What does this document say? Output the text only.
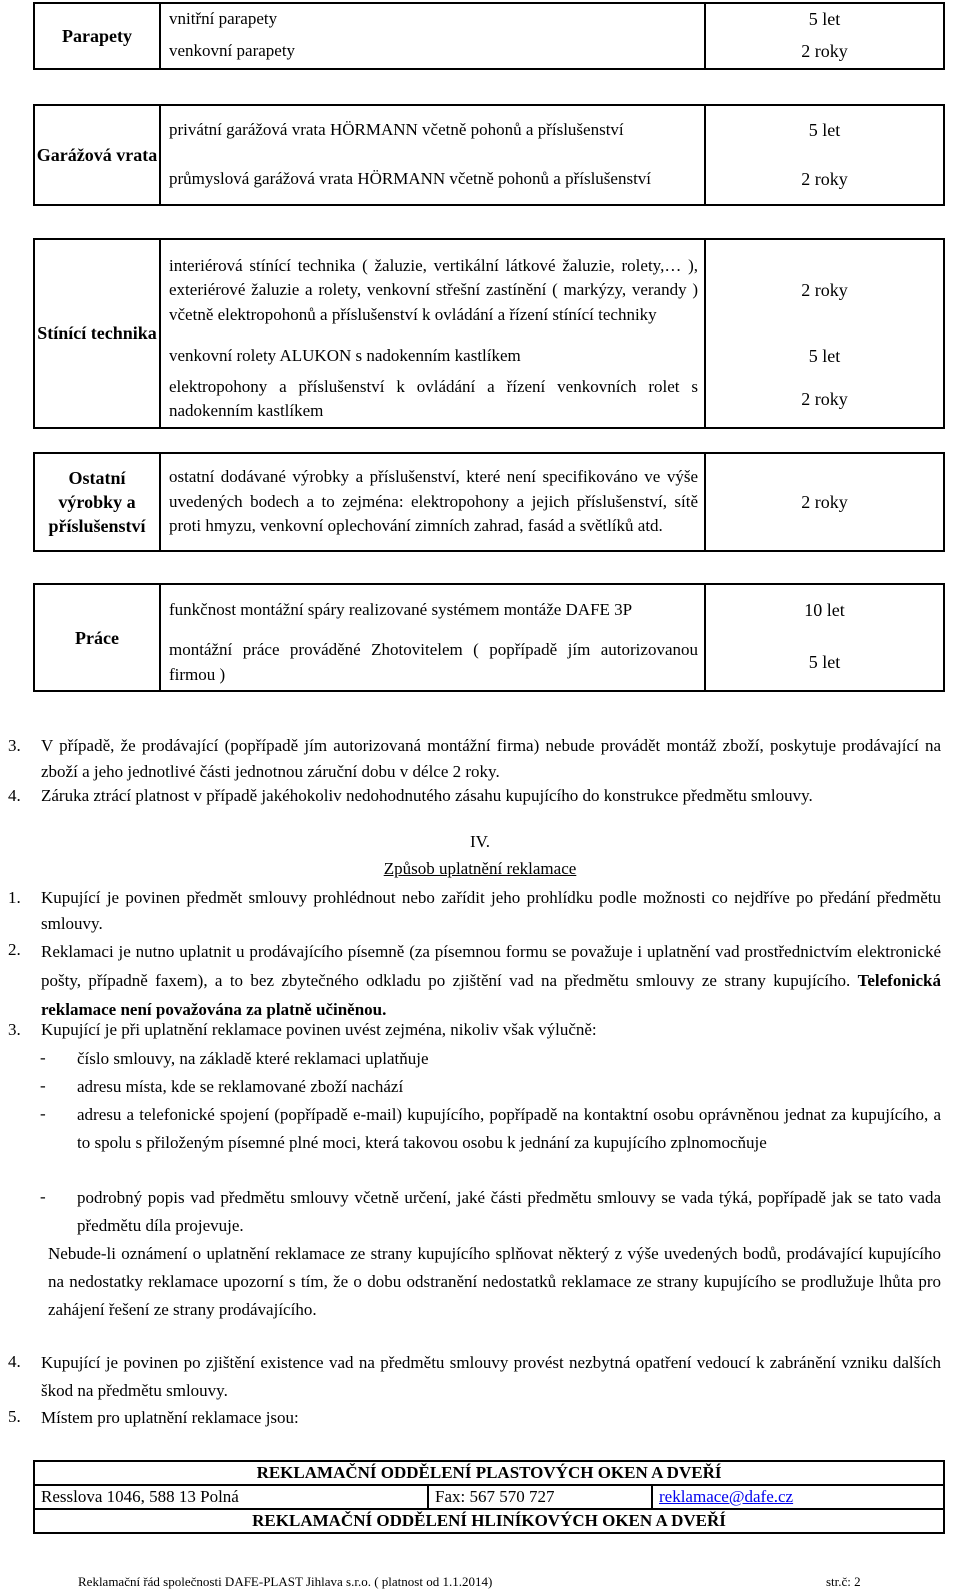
Parapety	vnitřní parapety	5 let
	venkovní parapety	2 roky
Garážová vrata	privátní garážová vrata HÖRMANN včetně pohonů a příslušenství	5 let
	průmyslová garážová vrata HÖRMANN včetně pohonů a příslušenství	2 roky
Stínící technika	interiérová stínící technika ( žaluzie, vertikální látkové žaluzie, rolety,… ), exteriérové žaluzie a rolety, venkovní střešní zastínění ( markýzy, verandy ) včetně elektropohonů a příslušenství k ovládání a řízení stínící techniky	2 roky
	venkovní rolety ALUKON s nadokenním kastlíkem	5 let
	elektropohony a příslušenství k ovládání a řízení venkovních rolet s nadokenním kastlíkem	2 roky
Ostatní výrobky a příslušenství	ostatní dodávané výrobky a příslušenství, které není specifikováno ve výše uvedených bodech a to zejména: elektropohony a jejich příslušenství, sítě proti hmyzu, venkovní oplechování zimních zahrad, fasád a světlíků atd.	2 roky
Práce	funkčnost montážní spáry realizované systémem montáže DAFE 3P	10 let
	montážní práce prováděné Zhotovitelem ( popřípadě jím autorizovanou firmou )	5 let
3. V případě, že prodávající (popřípadě jím autorizovaná montážní firma) nebude provádět montáž zboží, poskytuje prodávající na zboží a jeho jednotlivé části jednotnou záruční dobu v délce 2 roky.
4. Záruka ztrácí platnost v případě jakéhokoliv nedohodnutého zásahu kupujícího do konstrukce předmětu smlouvy.
IV.
Způsob uplatnění reklamace
1. Kupující je povinen předmět smlouvy prohlédnout nebo zařídit jeho prohlídku podle možnosti co nejdříve po předání předmětu smlouvy.
2. Reklamaci je nutno uplatnit u prodávajícího písemně (za písemnou formu se považuje i uplatnění vad prostřednictvím elektronické pošty, případně faxem), a to bez zbytečného odkladu po zjištění vad na předmětu smlouvy ze strany kupujícího. Telefonická reklamace není považována za platně učiněnou.
3. Kupující je při uplatnění reklamace povinen uvést zejména, nikoliv však výlučně:
- číslo smlouvy, na základě které reklamaci uplatňuje
- adresu místa, kde se reklamované zboží nachází
- adresu a telefonické spojení (popřípadě e-mail) kupujícího, popřípadě na kontaktní osobu oprávněnou jednat za kupujícího, a to spolu s přiloženým písemné plné moci, která takovou osobu k jednání za kupujícího zplnomocňuje
- podrobný popis vad předmětu smlouvy včetně určení, jaké části předmětu smlouvy se vada týká, popřípadě jak se tato vada předmětu díla projevuje.
Nebude-li oznámení o uplatnění reklamace ze strany kupujícího splňovat některý z výše uvedených bodů, prodávající kupujícího na nedostatky reklamace upozorní s tím, že o dobu odstranění nedostatků reklamace ze strany kupujícího se prodlužuje lhůta pro zahájení řešení ze strany prodávajícího.
4. Kupující je povinen po zjištění existence vad na předmětu smlouvy provést nezbytná opatření vedoucí k zabránění vzniku dalších škod na předmětu smlouvy.
5. Místem pro uplatnění reklamace jsou:
REKLAMAČNÍ ODDĚLENÍ PLASTOVÝCH OKEN A DVEŘÍ
Resslova 1046, 588 13 Polná	Fax: 567 570 727	reklamace@dafe.cz
REKLAMAČNÍ ODDĚLENÍ HLINÍKOVÝCH OKEN A DVEŘÍ
Reklamační řád společnosti DAFE-PLAST Jihlava s.r.o. ( platnost od 1.1.2014)	str.č: 2
